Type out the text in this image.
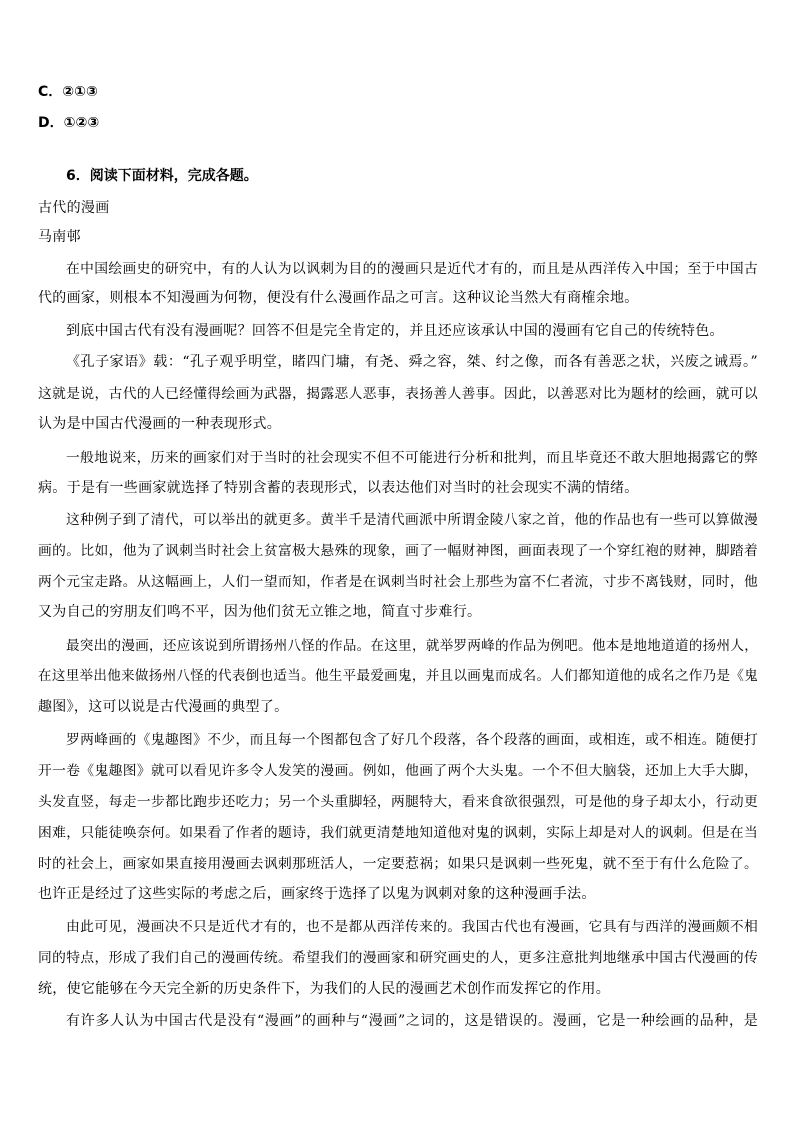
C．②①③
D．①②③
6．阅读下面材料，完成各题。
古代的漫画
马南邨
在中国绘画史的研究中，有的人认为以讽刺为目的的漫画只是近代才有的，而且是从西洋传入中国；至于中国古
代的画家，则根本不知漫画为何物，便没有什么漫画作品之可言。这种议论当然大有商榷余地。
到底中国古代有没有漫画呢？回答不但是完全肯定的，并且还应该承认中国的漫画有它自己的传统特色。
《孔子家语》载：“孔子观乎明堂，睹四门墉，有尧、舜之容，桀、纣之像，而各有善恶之状，兴废之诫焉。”
这就是说，古代的人已经懂得绘画为武器，揭露恶人恶事，表扬善人善事。因此，以善恶对比为题材的绘画，就可以
认为是中国古代漫画的一种表现形式。
一般地说来，历来的画家们对于当时的社会现实不但不可能进行分析和批判，而且毕竟还不敢大胆地揭露它的弊
病。于是有一些画家就选择了特别含蓄的表现形式，以表达他们对当时的社会现实不满的情绪。
这种例子到了清代，可以举出的就更多。黄半千是清代画派中所谓金陵八家之首，他的作品也有一些可以算做漫
画的。比如，他为了讽刺当时社会上贫富极大悬殊的现象，画了一幅财神图，画面表现了一个穿红袍的财神，脚踏着
两个元宝走路。从这幅画上，人们一望而知，作者是在讽刺当时社会上那些为富不仁者流，寸步不离钱财，同时，他
又为自己的穷朋友们鸣不平，因为他们贫无立锥之地，简直寸步难行。
最突出的漫画，还应该说到所谓扬州八怪的作品。在这里，就举罗两峰的作品为例吧。他本是地地道道的扬州人，
在这里举出他来做扬州八怪的代表倒也适当。他生平最爱画鬼，并且以画鬼而成名。人们都知道他的成名之作乃是《鬼
趣图》，这可以说是古代漫画的典型了。
罗两峰画的《鬼趣图》不少，而且每一个图都包含了好几个段落，各个段落的画面，或相连，或不相连。随便打
开一卷《鬼趣图》就可以看见许多令人发笑的漫画。例如，他画了两个大头鬼。一个不但大脑袋，还加上大手大脚，
头发直竖，每走一步都比跑步还吃力；另一个头重脚轻，两腿特大，看来食欲很强烈，可是他的身子却太小，行动更
困难，只能徒唤奈何。如果看了作者的题诗，我们就更清楚地知道他对鬼的讽刺，实际上却是对人的讽刺。但是在当
时的社会上，画家如果直接用漫画去讽刺那班活人，一定要惹祸；如果只是讽刺一些死鬼，就不至于有什么危险了。
也许正是经过了这些实际的考虑之后，画家终于选择了以鬼为讽刺对象的这种漫画手法。
由此可见，漫画决不只是近代才有的，也不是都从西洋传来的。我国古代也有漫画，它具有与西洋的漫画颇不相
同的特点，形成了我们自己的漫画传统。希望我们的漫画家和研究画史的人，更多注意批判地继承中国古代漫画的传
统，使它能够在今天完全新的历史条件下，为我们的人民的漫画艺术创作而发挥它的作用。
有许多人认为中国古代是没有“漫画”的画种与“漫画”之词的，这是错误的。漫画，它是一种绘画的品种，是
